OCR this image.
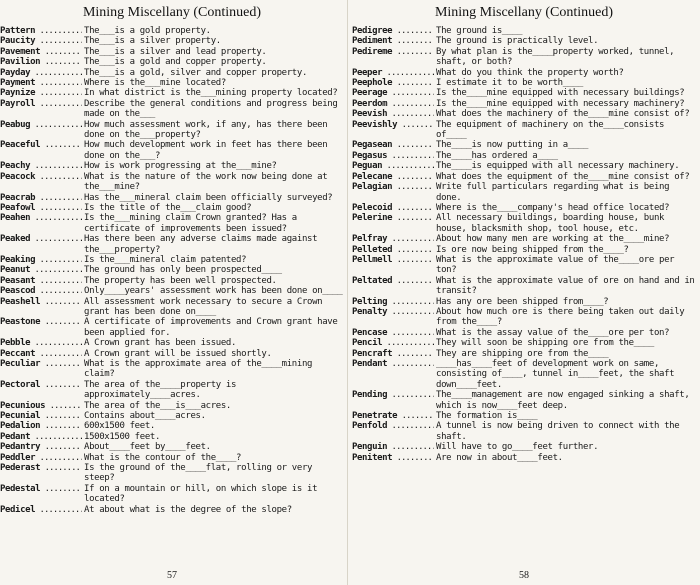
Mining Miscellany (Continued)
Pattern .....	The___is a gold property.
Paucity .....	The___is a silver property.
Pavement .....	The___is a silver and lead property.
Pavilion .....	The___is a gold and copper property.
Payday .....	The___is a gold, silver and copper property.
Payment .....	Where is the___mine located?
Paynize .....	In what district is the___mining property located?
Payroll .....	Describe the general conditions and progress being made on the___
Peabug .....	How much assessment work, if any, has there been done on the___property?
Peaceful .....	How much development work in feet has there been done on the___?
Peachy .....	How is work progressing at the___mine?
Peacock .....	What is the nature of the work now being done at the___mine?
Peacrab .....	Has the___mineral claim been officially surveyed?
Peafowl .....	Is the title of the___claim good?
Peahen .....	Is the___mining claim Crown granted? Has a certificate of improvements been issued?
Peaked .....	Has there been any adverse claims made against the___property?
Peaking .....	Is the___mineral claim patented?
Peanut .....	The ground has only been prospected____
Peasant .....	The property has been well prospected.
Peascod .....	Only____years' assessment work has been done on____
Peashell .....	All assessment work necessary to secure a Crown grant has been done on____
Peastone .....	A certificate of improvements and Crown grant have been applied for.
Pebble .....	A Crown grant has been issued.
Peccant .....	A Crown grant will be issued shortly.
Peculiar .....	What is the approximate area of the____mining claim?
Pectoral .....	The area of the____property is approximately____acres.
Pecunious .....	The area of the___is___acres.
Pecunial .....	Contains about____acres.
Pedalion .....	600x1500 feet.
Pedant .....	1500x1500 feet.
Pedantry .....	About____feet by____feet.
Peddler .....	What is the contour of the____?
Pederast .....	Is the ground of the____flat, rolling or very steep?
Pedestal .....	If on a mountain or hill, on which slope is it located?
Pedicel .....	At about what is the degree of the slope?
57
Mining Miscellany (Continued)
Pedigree .....	The ground is____
Pediment .....	The ground is practically level.
Pedireme .....	By what plan is the____property worked, tunnel, shaft, or both?
Peeper .....	What do you think the property worth?
Peephole .....	I estimate it to be worth____
Peerage .....	Is the____mine equipped with necessary buildings?
Peerdom .....	Is the____mine equipped with necessary machinery?
Peevish .....	What does the machinery of the____mine consist of?
Peevishly .....	The equipment of machinery on the____consists of____
Pegasean .....	The____is now putting in a____
Pegasus .....	The____has ordered a____
Peguan .....	The____is equipped with all necessary machinery.
Pelecane .....	What does the equipment of the____mine consist of?
Pelagian .....	Write full particulars regarding what is being done.
Pelecoid .....	Where is the____company's head office located?
Pelerine .....	All necessary buildings, boarding house, bunk house, blacksmith shop, tool house, etc.
Pelfray .....	About how many men are working at the____mine?
Pelleted .....	Is ore now being shipped from the____?
Pellmell .....	What is the approximate value of the____ore per ton?
Peltated .....	What is the approximate value of ore on hand and in transit?
Pelting .....	Has any ore been shipped from____?
Penalty .....	About how much ore is there being taken out daily from the____?
Pencase .....	What is the assay value of the____ore per ton?
Pencil .....	They will soon be shipping ore from the____
Pencraft .....	They are shipping ore from the____
Pendant .....	____has____feet of development work on same, consisting of____, tunnel in____feet, the shaft down____feet.
Pending .....	The____management are now engaged sinking a shaft, which is now____feet deep.
Penetrate .....	The formation is____
Penfold .....	A tunnel is now being driven to connect with the shaft.
Penguin .....	Will have to go____feet further.
Penitent .....	Are now in about____feet.
58
